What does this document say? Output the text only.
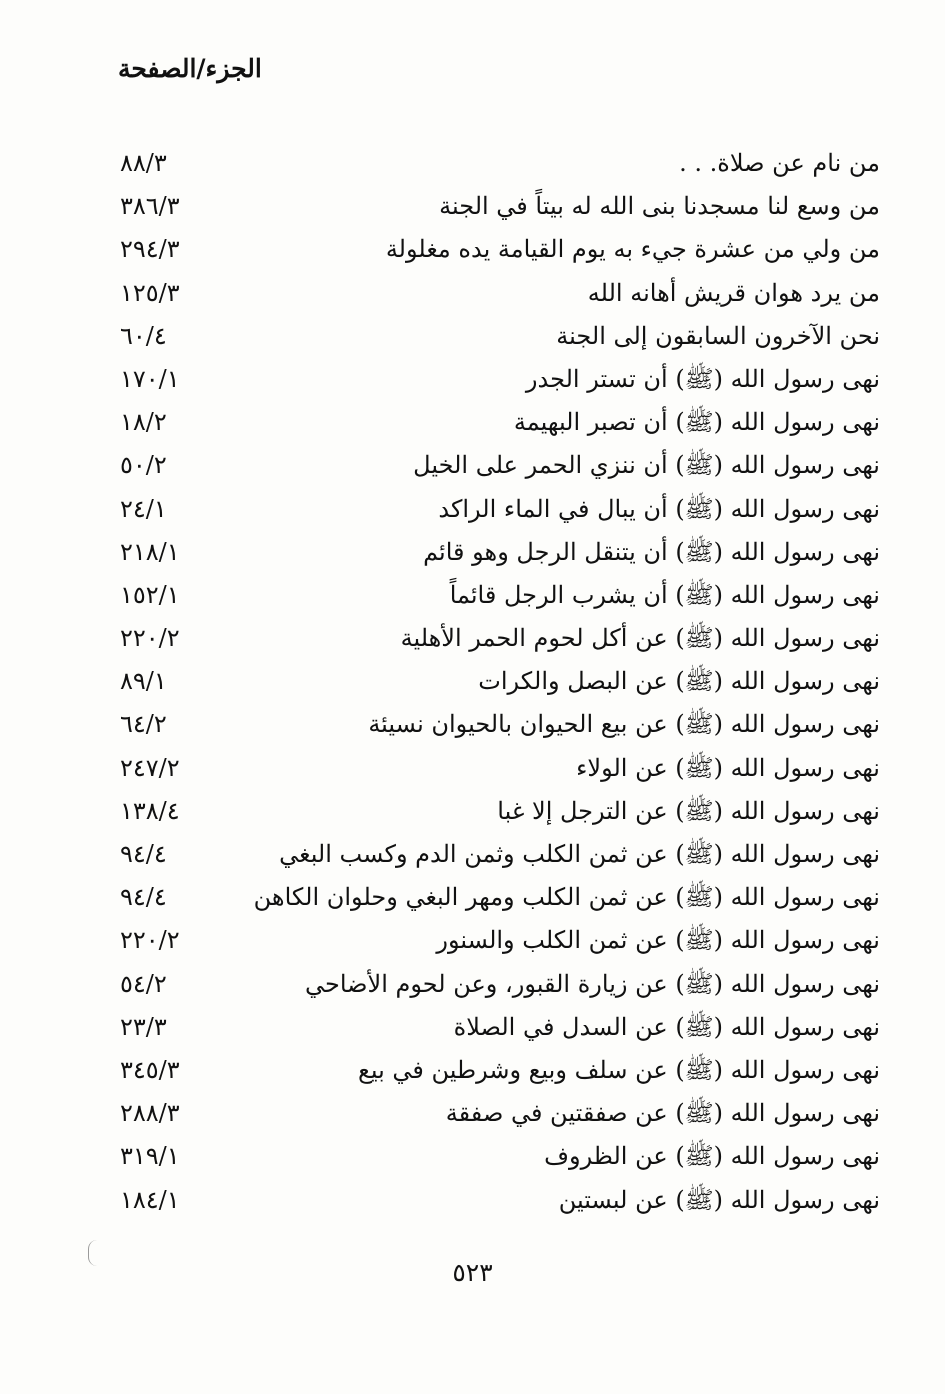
الجزء/الصفحة
من نام عن صلاة. . .
٨٨/٣
من وسع لنا مسجدنا بنى الله له بيتاً في الجنة
٣٨٦/٣
من ولي من عشرة جيء به يوم القيامة يده مغلولة
٢٩٤/٣
من يرد هوان قريش أهانه الله
١٢٥/٣
نحن الآخرون السابقون إلى الجنة
٦٠/٤
نهى رسول الله (ﷺ) أن تستر الجدر
١٧٠/١
نهى رسول الله (ﷺ) أن تصبر البهيمة
١٨/٢
نهى رسول الله (ﷺ) أن ننزي الحمر على الخيل
٥٠/٢
نهى رسول الله (ﷺ) أن يبال في الماء الراكد
٢٤/١
نهى رسول الله (ﷺ) أن يتنقل الرجل وهو قائم
٢١٨/١
نهى رسول الله (ﷺ) أن يشرب الرجل قائماً
١٥٢/١
نهى رسول الله (ﷺ) عن أكل لحوم الحمر الأهلية
٢٢٠/٢
نهى رسول الله (ﷺ) عن البصل والكرات
٨٩/١
نهى رسول الله (ﷺ) عن بيع الحيوان بالحيوان نسيئة
٦٤/٢
نهى رسول الله (ﷺ) عن الولاء
٢٤٧/٢
نهى رسول الله (ﷺ) عن الترجل إلا غبا
١٣٨/٤
نهى رسول الله (ﷺ) عن ثمن الكلب وثمن الدم وكسب البغي
٩٤/٤
نهى رسول الله (ﷺ) عن ثمن الكلب ومهر البغي وحلوان الكاهن
٩٤/٤
نهى رسول الله (ﷺ) عن ثمن الكلب والسنور
٢٢٠/٢
نهى رسول الله (ﷺ) عن زيارة القبور، وعن لحوم الأضاحي
٥٤/٢
نهى رسول الله (ﷺ) عن السدل في الصلاة
٢٣/٣
نهى رسول الله (ﷺ) عن سلف وبيع وشرطين في بيع
٣٤٥/٣
نهى رسول الله (ﷺ) عن صفقتين في صفقة
٢٨٨/٣
نهى رسول الله (ﷺ) عن الظروف
٣١٩/١
نهى رسول الله (ﷺ) عن لبستين
١٨٤/١
٥٢٣
